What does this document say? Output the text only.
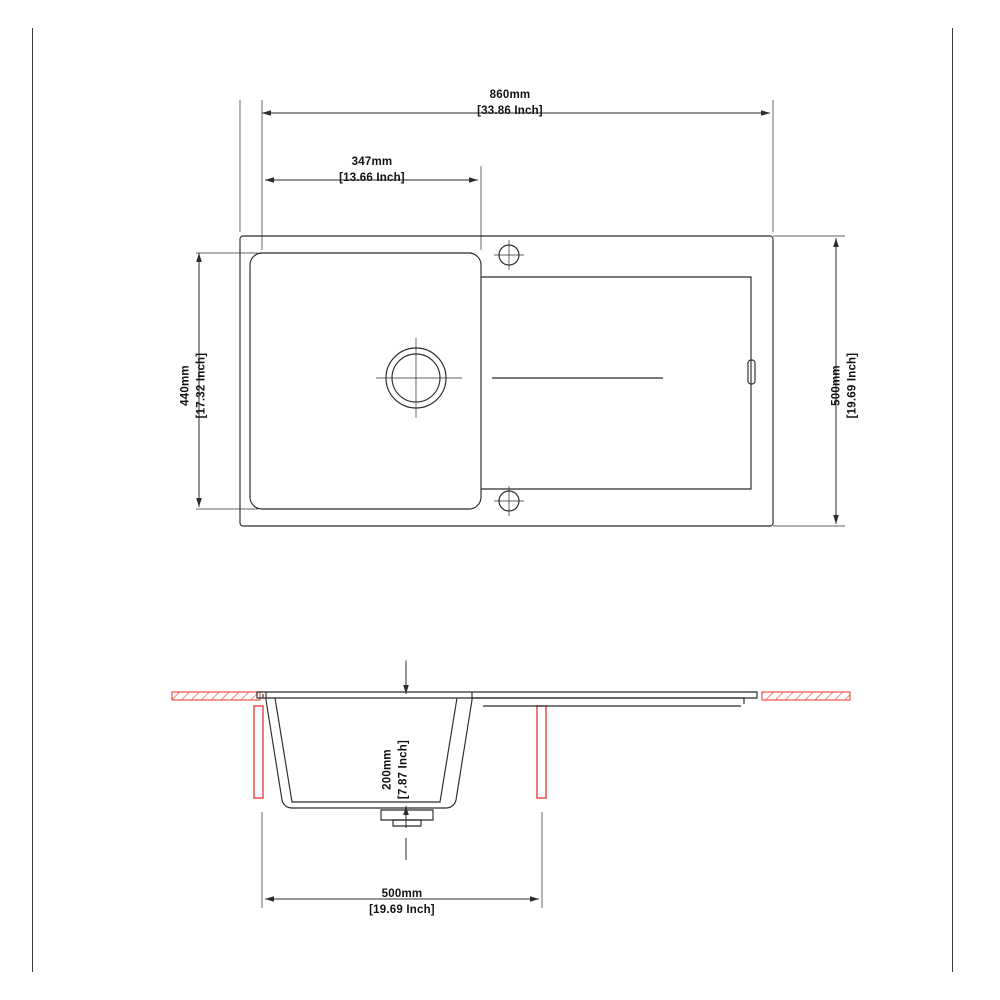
860mm
[33.86 Inch]
347mm
[13.66 Inch]
440mm [17.32 Inch]	500mm [19.69 Inch]
200mm [7.87 Inch]
500mm
[19.69 Inch]
